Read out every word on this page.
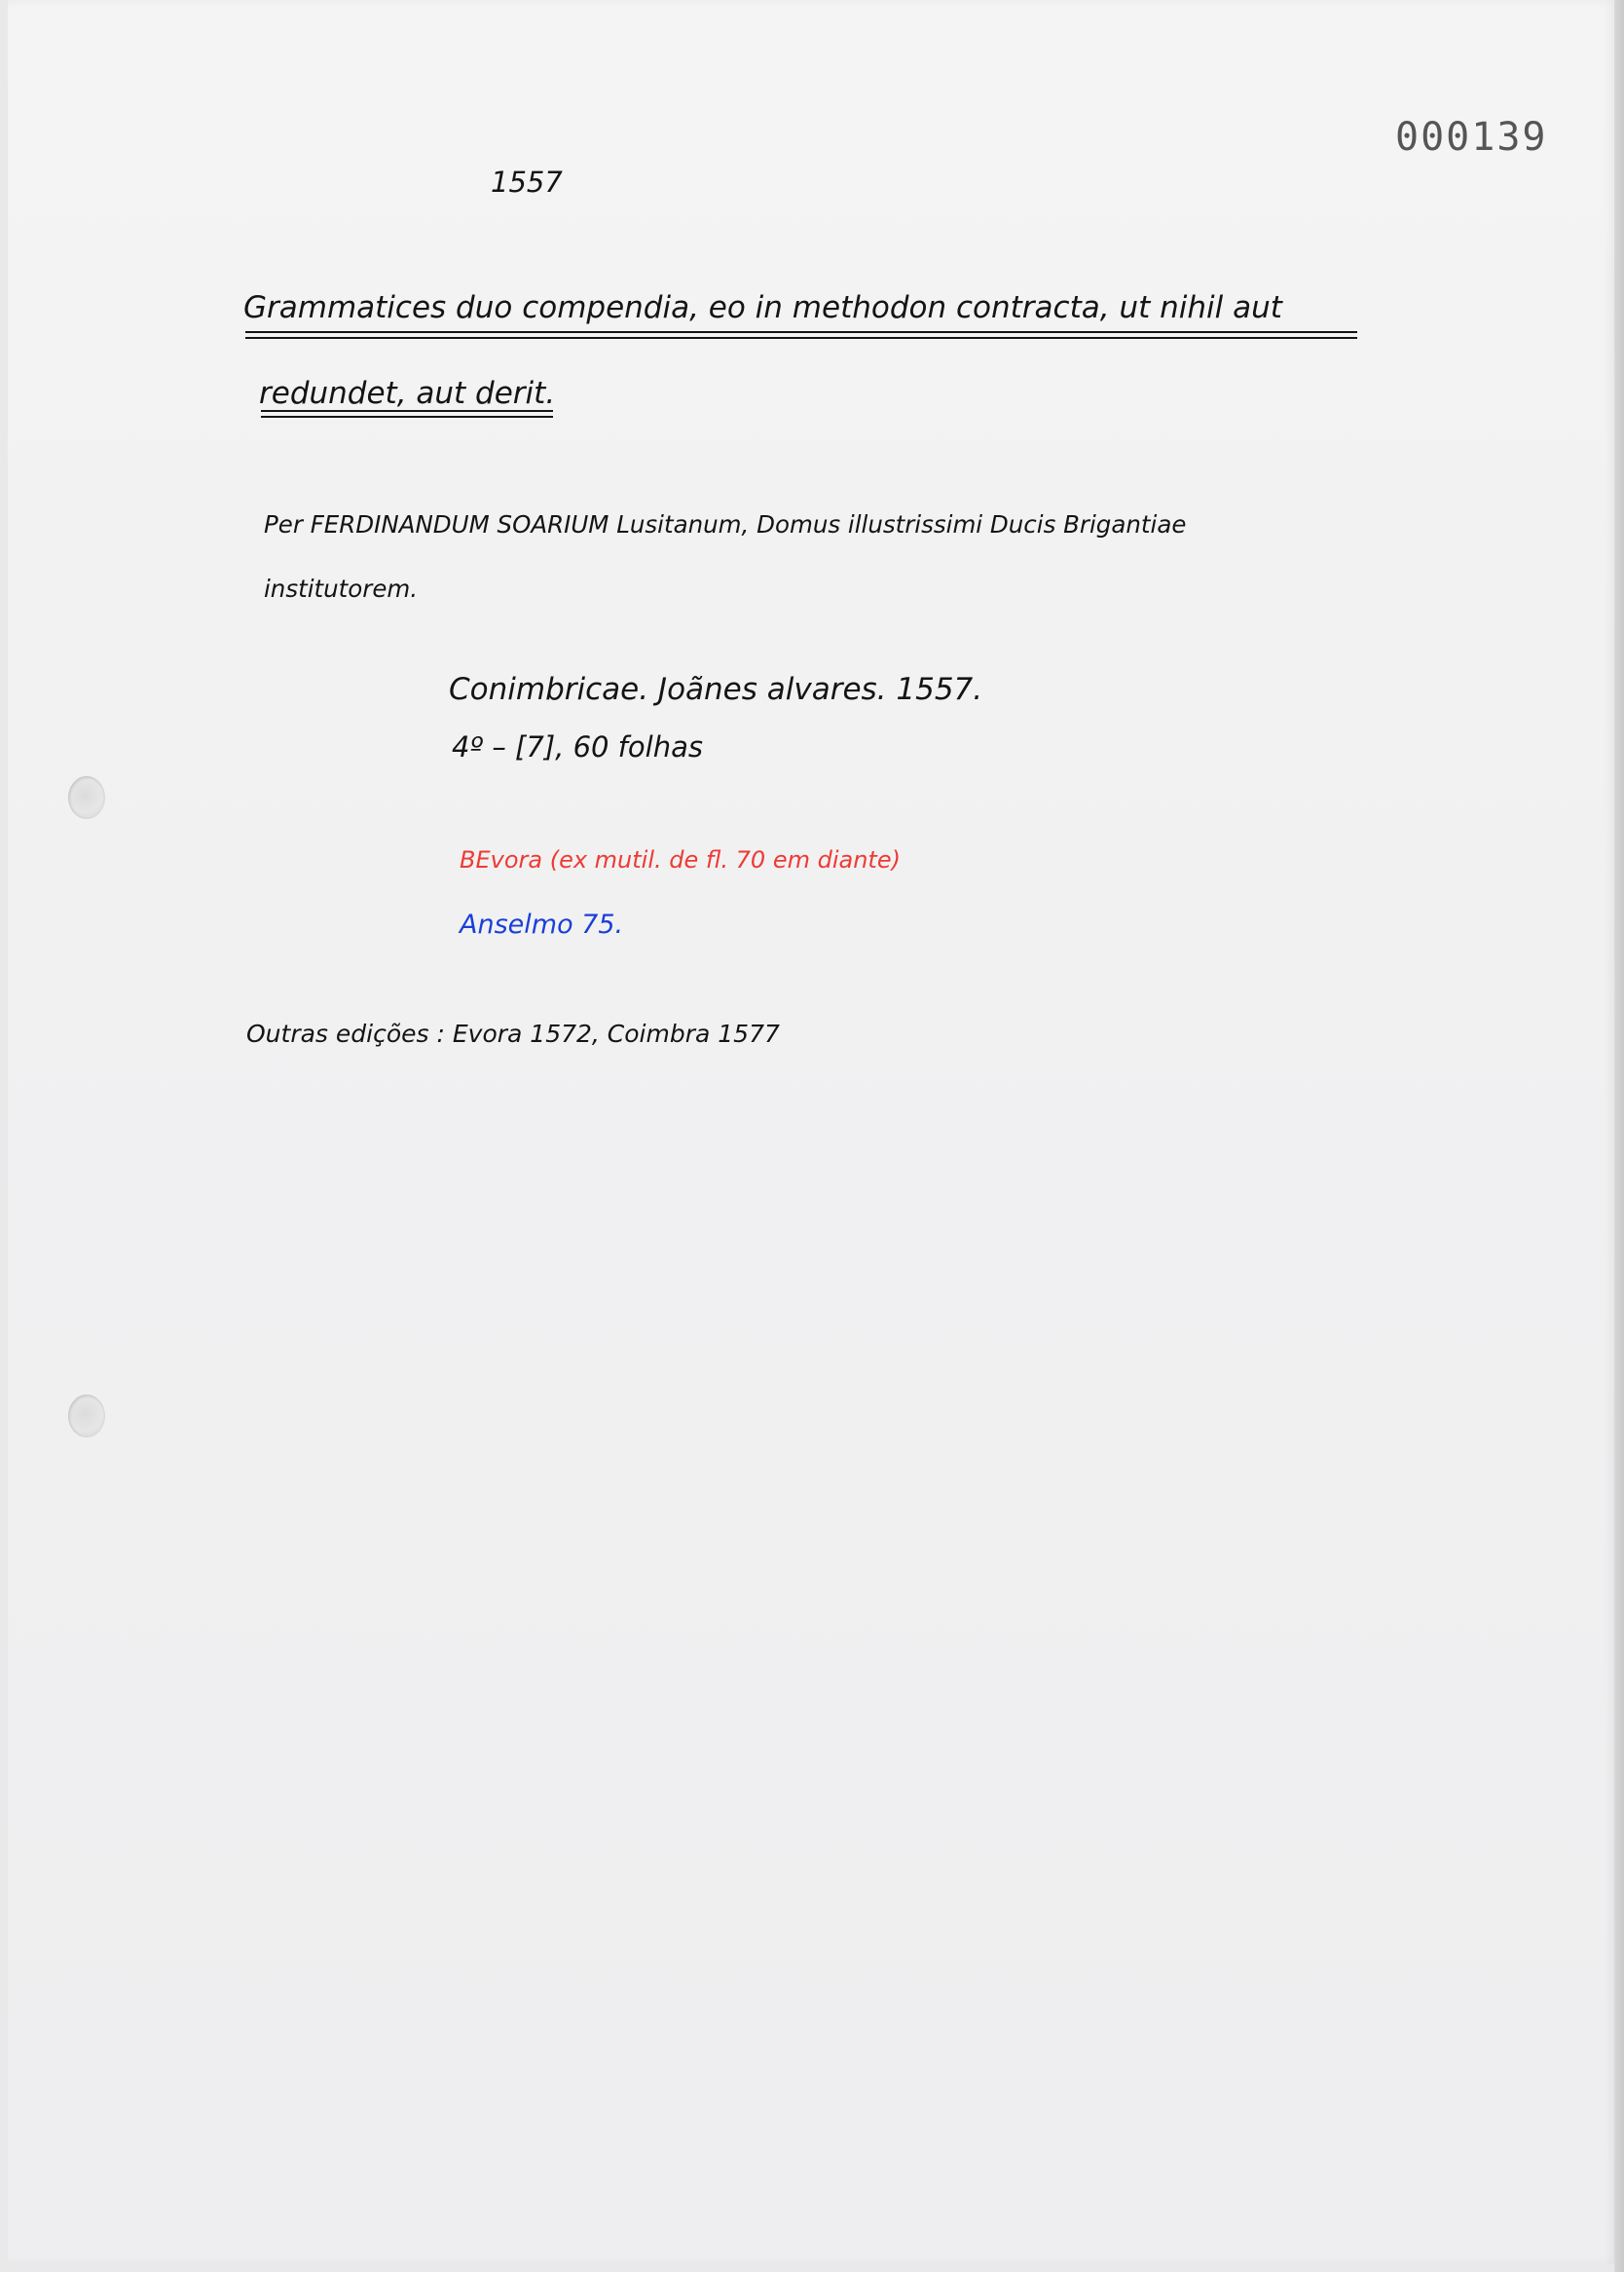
000139
1557
Grammatices duo compendia, eo in methodon contracta, ut nihil aut
redundet, aut derit.
Per FERDINANDUM SOARIUM Lusitanum, Domus illustrissimi Ducis Brigantiae
institutorem.
Conimbricae. Joãnes alvares. 1557.
4º – [7], 60 folhas
BEvora (ex mutil. de fl. 70 em diante)
Anselmo 75.
Outras edições : Evora 1572, Coimbra 1577
